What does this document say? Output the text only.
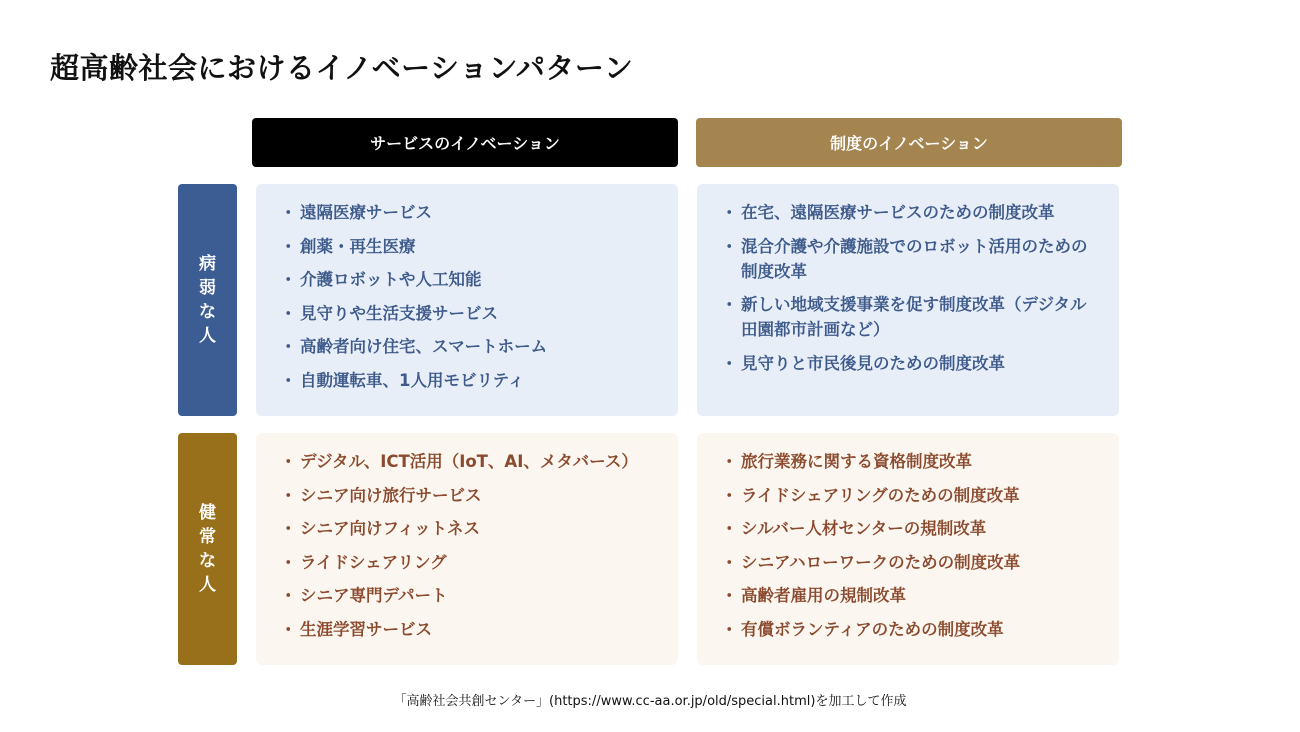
超高齢社会におけるイノベーションパターン
サービスのイノベーション	制度のイノベーション
病
弱
な
人
健
常
な
人
・ 遠隔医療サービス
・ 創薬・再生医療
・ 介護ロボットや人工知能
・ 見守りや生活支援サービス
・ 高齢者向け住宅、スマートホーム
・ 自動運転車、1人用モビリティ
・ 在宅、遠隔医療サービスのための制度改革
・ 混合介護や介護施設でのロボット活用のための制度改革
・ 新しい地域支援事業を促す制度改革（デジタル田園都市計画など）
・ 見守りと市民後見のための制度改革
・ デジタル、ICT活用（IoT、AI、メタバース）
・ シニア向け旅行サービス
・ シニア向けフィットネス
・ ライドシェアリング
・ シニア専門デパート
・ 生涯学習サービス
・ 旅行業務に関する資格制度改革
・ ライドシェアリングのための制度改革
・ シルバー人材センターの規制改革
・ シニアハローワークのための制度改革
・ 高齢者雇用の規制改革
・ 有償ボランティアのための制度改革
「高齢社会共創センター」(https://www.cc-aa.or.jp/old/special.html)を加工して作成
